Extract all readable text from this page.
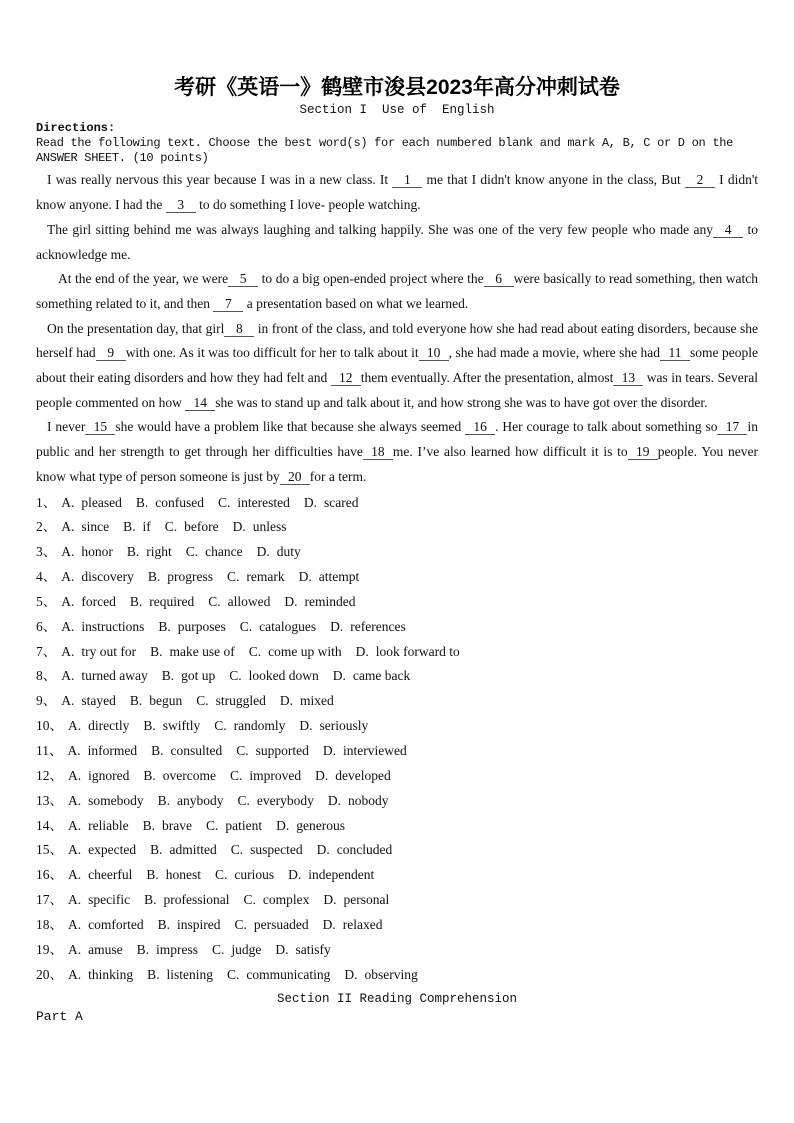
考研《英语一》鹤壁市浚县2023年高分冲刺试卷
Section I  Use of  English
Directions:
Read the following text. Choose the best word(s) for each numbered blank and mark A, B, C or D on the ANSWER SHEET. (10 points)

I was really nervous this year because I was in a new class. It 1 me that I didn't know anyone in the class, But 2 I didn't know anyone. I had the 3 to do something I love- people watching.

The girl sitting behind me was always laughing and talking happily. She was one of the very few people who made any 4 to acknowledge me.

At the end of the year, we were 5 to do a big open-ended project where the 6 were basically to read something, then watch something related to it, and then 7 a presentation based on what we learned.

On the presentation day, that girl 8 in front of the class, and told everyone how she had read about eating disorders, because she herself had 9 with one. As it was too difficult for her to talk about it 10 , she had made a movie, where she had 11 some people about their eating disorders and how they had felt and 12 them eventually. After the presentation, almost 13 was in tears. Several people commented on how 14 she was to stand up and talk about it, and how strong she was to have got over the disorder.

I never 15 she would have a problem like that because she always seemed 16 . Her courage to talk about something so 17 in public and her strength to get through her difficulties have 18 me. I’ve also learned how difficult it is to 19 people. You never know what type of person someone is just by 20 for a term.

1、 A. pleased B. confused C. interested D. scared
2、 A. since B. if C. before D. unless
3、 A. honor B. right C. chance D. duty
4、 A. discovery B. progress C. remark D. attempt
5、 A. forced B. required C. allowed D. reminded
6、 A. instructions B. purposes C. catalogues D. references
7、 A. try out for B. make use of C. come up with D. look forward to
8、 A. turned away B. got up C. looked down D. came back
9、 A. stayed B. begun C. struggled D. mixed
10、 A. directly B. swiftly C. randomly D. seriously
11、 A. informed B. consulted C. supported D. interviewed
12、 A. ignored B. overcome C. improved D. developed
13、 A. somebody B. anybody C. everybody D. nobody
14、 A. reliable B. brave C. patient D. generous
15、 A. expected B. admitted C. suspected D. concluded
16、 A. cheerful B. honest C. curious D. independent
17、 A. specific B. professional C. complex D. personal
18、 A. comforted B. inspired C. persuaded D. relaxed
19、 A. amuse B. impress C. judge D. satisfy
20、 A. thinking B. listening C. communicating D. observing
Section II Reading Comprehension
Part A
